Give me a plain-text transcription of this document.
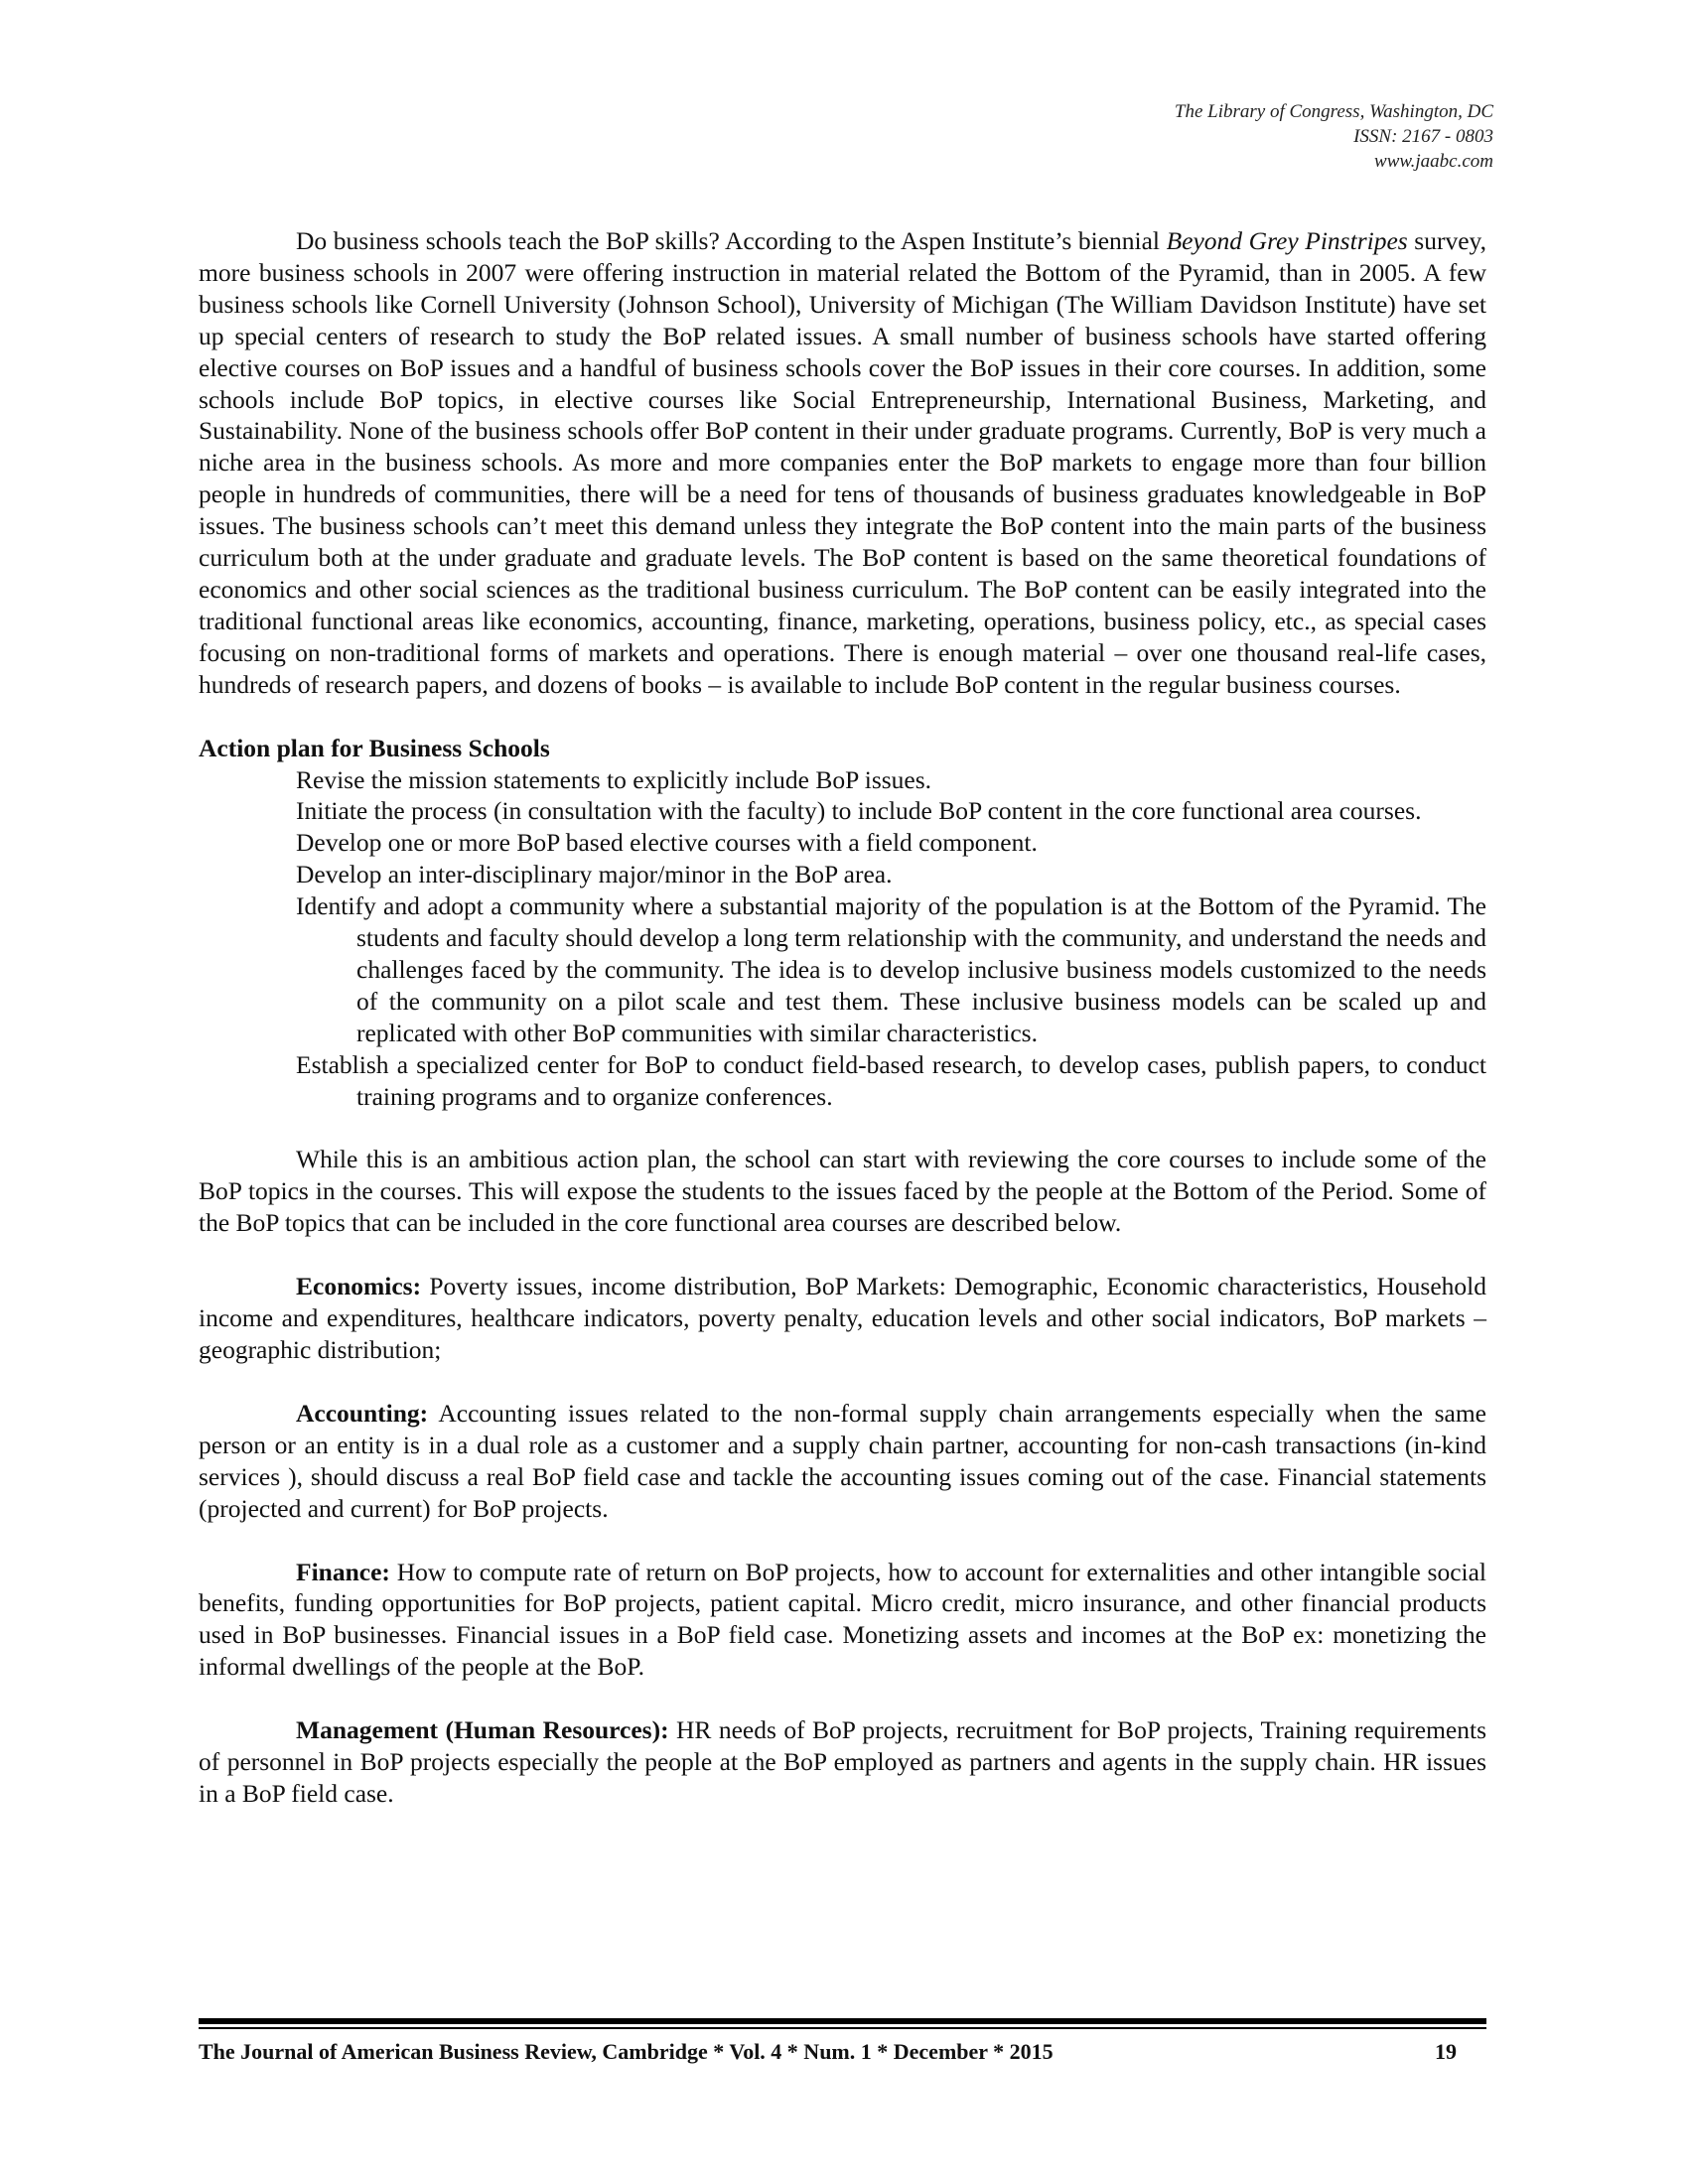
The Library of Congress, Washington, DC
ISSN: 2167 - 0803
www.jaabc.com

Do business schools teach the BoP skills? According to the Aspen Institute’s biennial Beyond Grey Pinstripes survey, more business schools in 2007 were offering instruction in material related the Bottom of the Pyramid, than in 2005. A few business schools like Cornell University (Johnson School), University of Michigan (The William Davidson Institute) have set up special centers of research to study the BoP related issues. A small number of business schools have started offering elective courses on BoP issues and a handful of business schools cover the BoP issues in their core courses. In addition, some schools include BoP topics, in elective courses like Social Entrepreneurship, International Business, Marketing, and Sustainability. None of the business schools offer BoP content in their under graduate programs. Currently, BoP is very much a niche area in the business schools. As more and more companies enter the BoP markets to engage more than four billion people in hundreds of communities, there will be a need for tens of thousands of business graduates knowledgeable in BoP issues. The business schools can’t meet this demand unless they integrate the BoP content into the main parts of the business curriculum both at the under graduate and graduate levels. The BoP content is based on the same theoretical foundations of economics and other social sciences as the traditional business curriculum. The BoP content can be easily integrated into the traditional functional areas like economics, accounting, finance, marketing, operations, business policy, etc., as special cases focusing on non-traditional forms of markets and operations. There is enough material – over one thousand real-life cases, hundreds of research papers, and dozens of books – is available to include BoP content in the regular business courses.

Action plan for Business Schools
Revise the mission statements to explicitly include BoP issues.
Initiate the process (in consultation with the faculty) to include BoP content in the core functional area courses.
Develop one or more BoP based elective courses with a field component.
Develop an inter-disciplinary major/minor in the BoP area.
Identify and adopt a community where a substantial majority of the population is at the Bottom of the Pyramid. The students and faculty should develop a long term relationship with the community, and understand the needs and challenges faced by the community. The idea is to develop inclusive business models customized to the needs of the community on a pilot scale and test them. These inclusive business models can be scaled up and replicated with other BoP communities with similar characteristics.
Establish a specialized center for BoP to conduct field-based research, to develop cases, publish papers, to conduct training programs and to organize conferences.

While this is an ambitious action plan, the school can start with reviewing the core courses to include some of the BoP topics in the courses. This will expose the students to the issues faced by the people at the Bottom of the Period. Some of the BoP topics that can be included in the core functional area courses are described below.

Economics: Poverty issues, income distribution, BoP Markets: Demographic, Economic characteristics, Household income and expenditures, healthcare indicators, poverty penalty, education levels and other social indicators, BoP markets – geographic distribution;

Accounting: Accounting issues related to the non-formal supply chain arrangements especially when the same person or an entity is in a dual role as a customer and a supply chain partner, accounting for non-cash transactions (in-kind services ), should discuss a real BoP field case and tackle the accounting issues coming out of the case. Financial statements (projected and current) for BoP projects.

Finance: How to compute rate of return on BoP projects, how to account for externalities and other intangible social benefits, funding opportunities for BoP projects, patient capital. Micro credit, micro insurance, and other financial products used in BoP businesses. Financial issues in a BoP field case. Monetizing assets and incomes at the BoP ex: monetizing the informal dwellings of the people at the BoP.

Management (Human Resources): HR needs of BoP projects, recruitment for BoP projects, Training requirements of personnel in BoP projects especially the people at the BoP employed as partners and agents in the supply chain. HR issues in a BoP field case.

The Journal of American Business Review, Cambridge * Vol. 4 * Num. 1 * December * 2015	19
